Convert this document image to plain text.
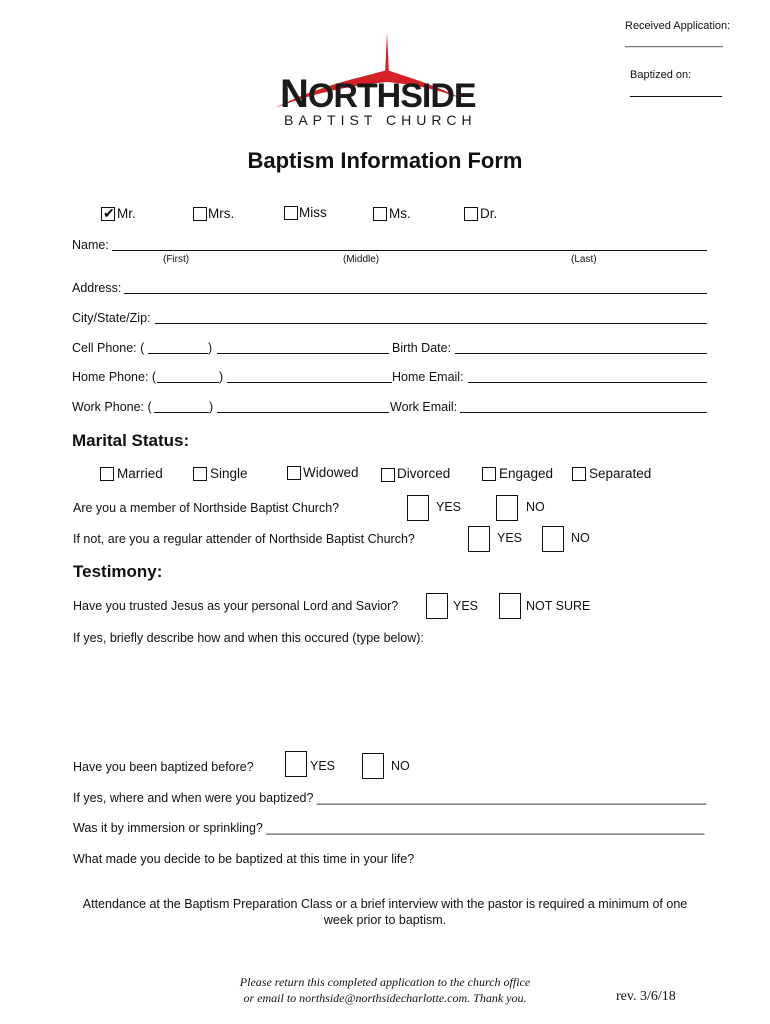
Received Application:
________________
Baptized on:
NORTHSIDE
BAPTIST CHURCH
Baptism Information Form
✔ Mr.	Mrs.	Miss	Ms.	Dr.
Name:
(First)	(Middle)	(Last)
Address:
City/State/Zip:
Cell Phone: (	)	Birth Date:
Home Phone: (	)	Home Email:
Work Phone: (	)	Work Email:
Marital Status:
Married	Single	Widowed	Divorced	Engaged	Separated
Are you a member of Northside Baptist Church?	YES	NO
If not, are you a regular attender of Northside Baptist Church?	YES	NO
Testimony:
Have you trusted Jesus as your personal Lord and Savior?	YES	NOT SURE
If yes, briefly describe how and when this occured (type below):
Have you been baptized before?	YES	NO
If yes, where and when were you baptized? ________________________________________________________
Was it by immersion or sprinkling? _______________________________________________________________
What made you decide to be baptized at this time in your life?
Attendance at the Baptism Preparation Class or a brief interview with the pastor is required a minimum of one
week prior to baptism.
Please return this completed application to the church office
or email to northside@northsidecharlotte.com. Thank you.	rev. 3/6/18
